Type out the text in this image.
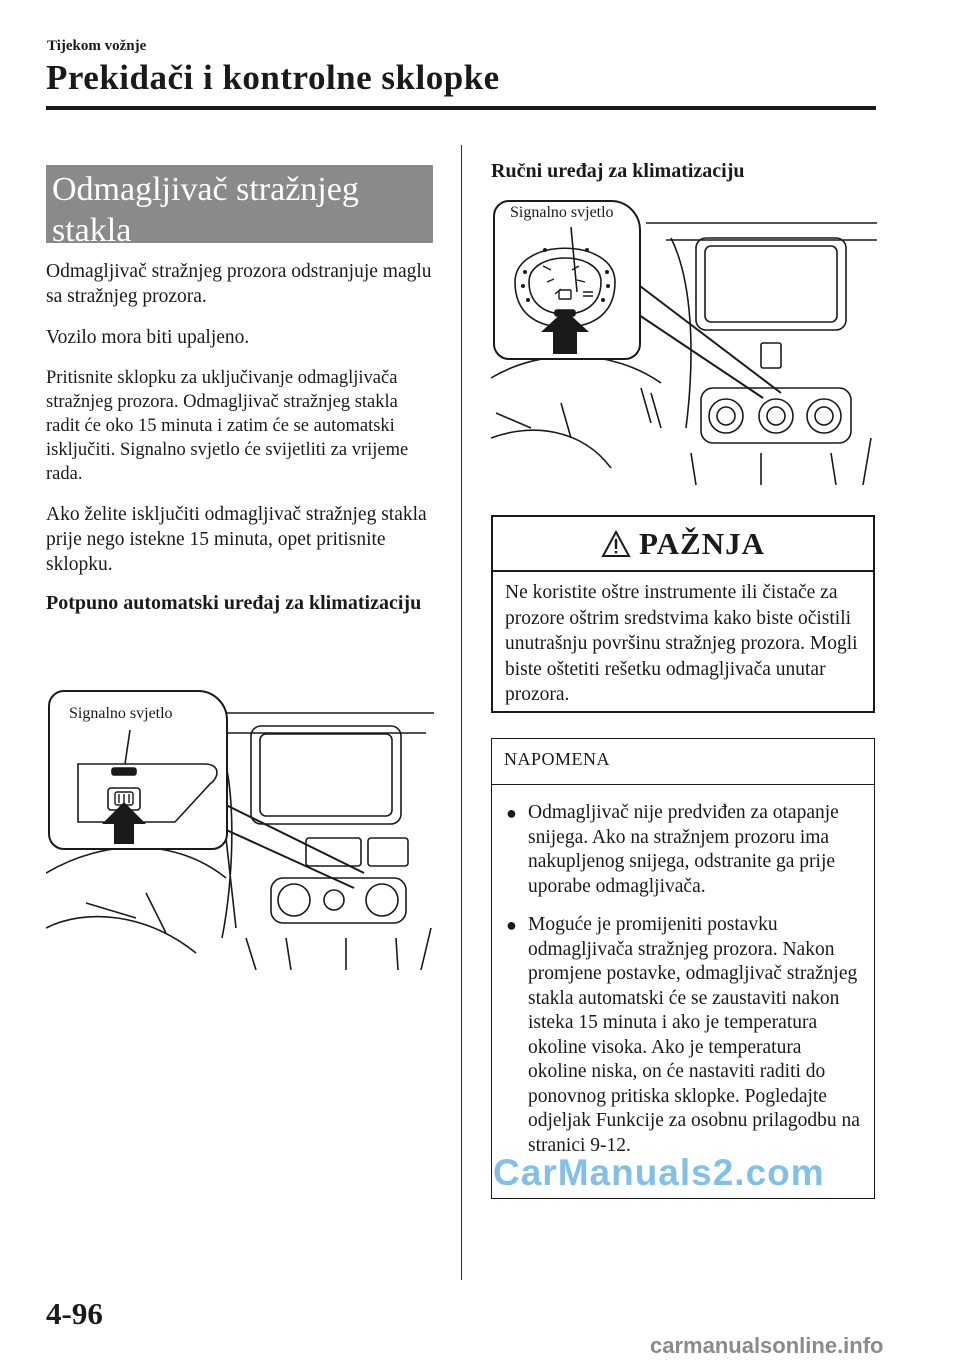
Tijekom vožnje
Prekidači i kontrolne sklopke
Odmagljivač stražnjeg stakla

Odmagljivač stražnjeg prozora odstranjuje maglu sa stražnjeg prozora.

Vozilo mora biti upaljeno.

Pritisnite sklopku za uključivanje odmagljivača stražnjeg prozora. Odmagljivač stražnjeg stakla radit će oko 15 minuta i zatim će se automatski isključiti. Signalno svjetlo će svijetliti za vrijeme rada.

Ako želite isključiti odmagljivač stražnjeg stakla prije nego istekne 15 minuta, opet pritisnite sklopku.

Potpuno automatski uređaj za klimatizaciju

Signalno svjetlo

Ručni uređaj za klimatizaciju

Signalno svjetlo
PAŽNJA

Ne koristite oštre instrumente ili čistače za prozore oštrim sredstvima kako biste očistili unutrašnju površinu stražnjeg prozora. Mogli biste oštetiti rešetku odmagljivača unutar prozora.

NAPOMENA
● Odmagljivač nije predviđen za otapanje snijega. Ako na stražnjem prozoru ima nakupljenog snijega, odstranite ga prije uporabe odmagljivača.
● Moguće je promijeniti postavku odmagljivača stražnjeg prozora. Nakon promjene postavke, odmagljivač stražnjeg stakla automatski će se zaustaviti nakon isteka 15 minuta i ako je temperatura okoline visoka. Ako je temperatura okoline niska, on će nastaviti raditi do ponovnog pritiska sklopke. Pogledajte odjeljak Funkcije za osobnu prilagodbu na stranici 9-12.
4-96
CarManuals2.com
carmanualsonline.info
